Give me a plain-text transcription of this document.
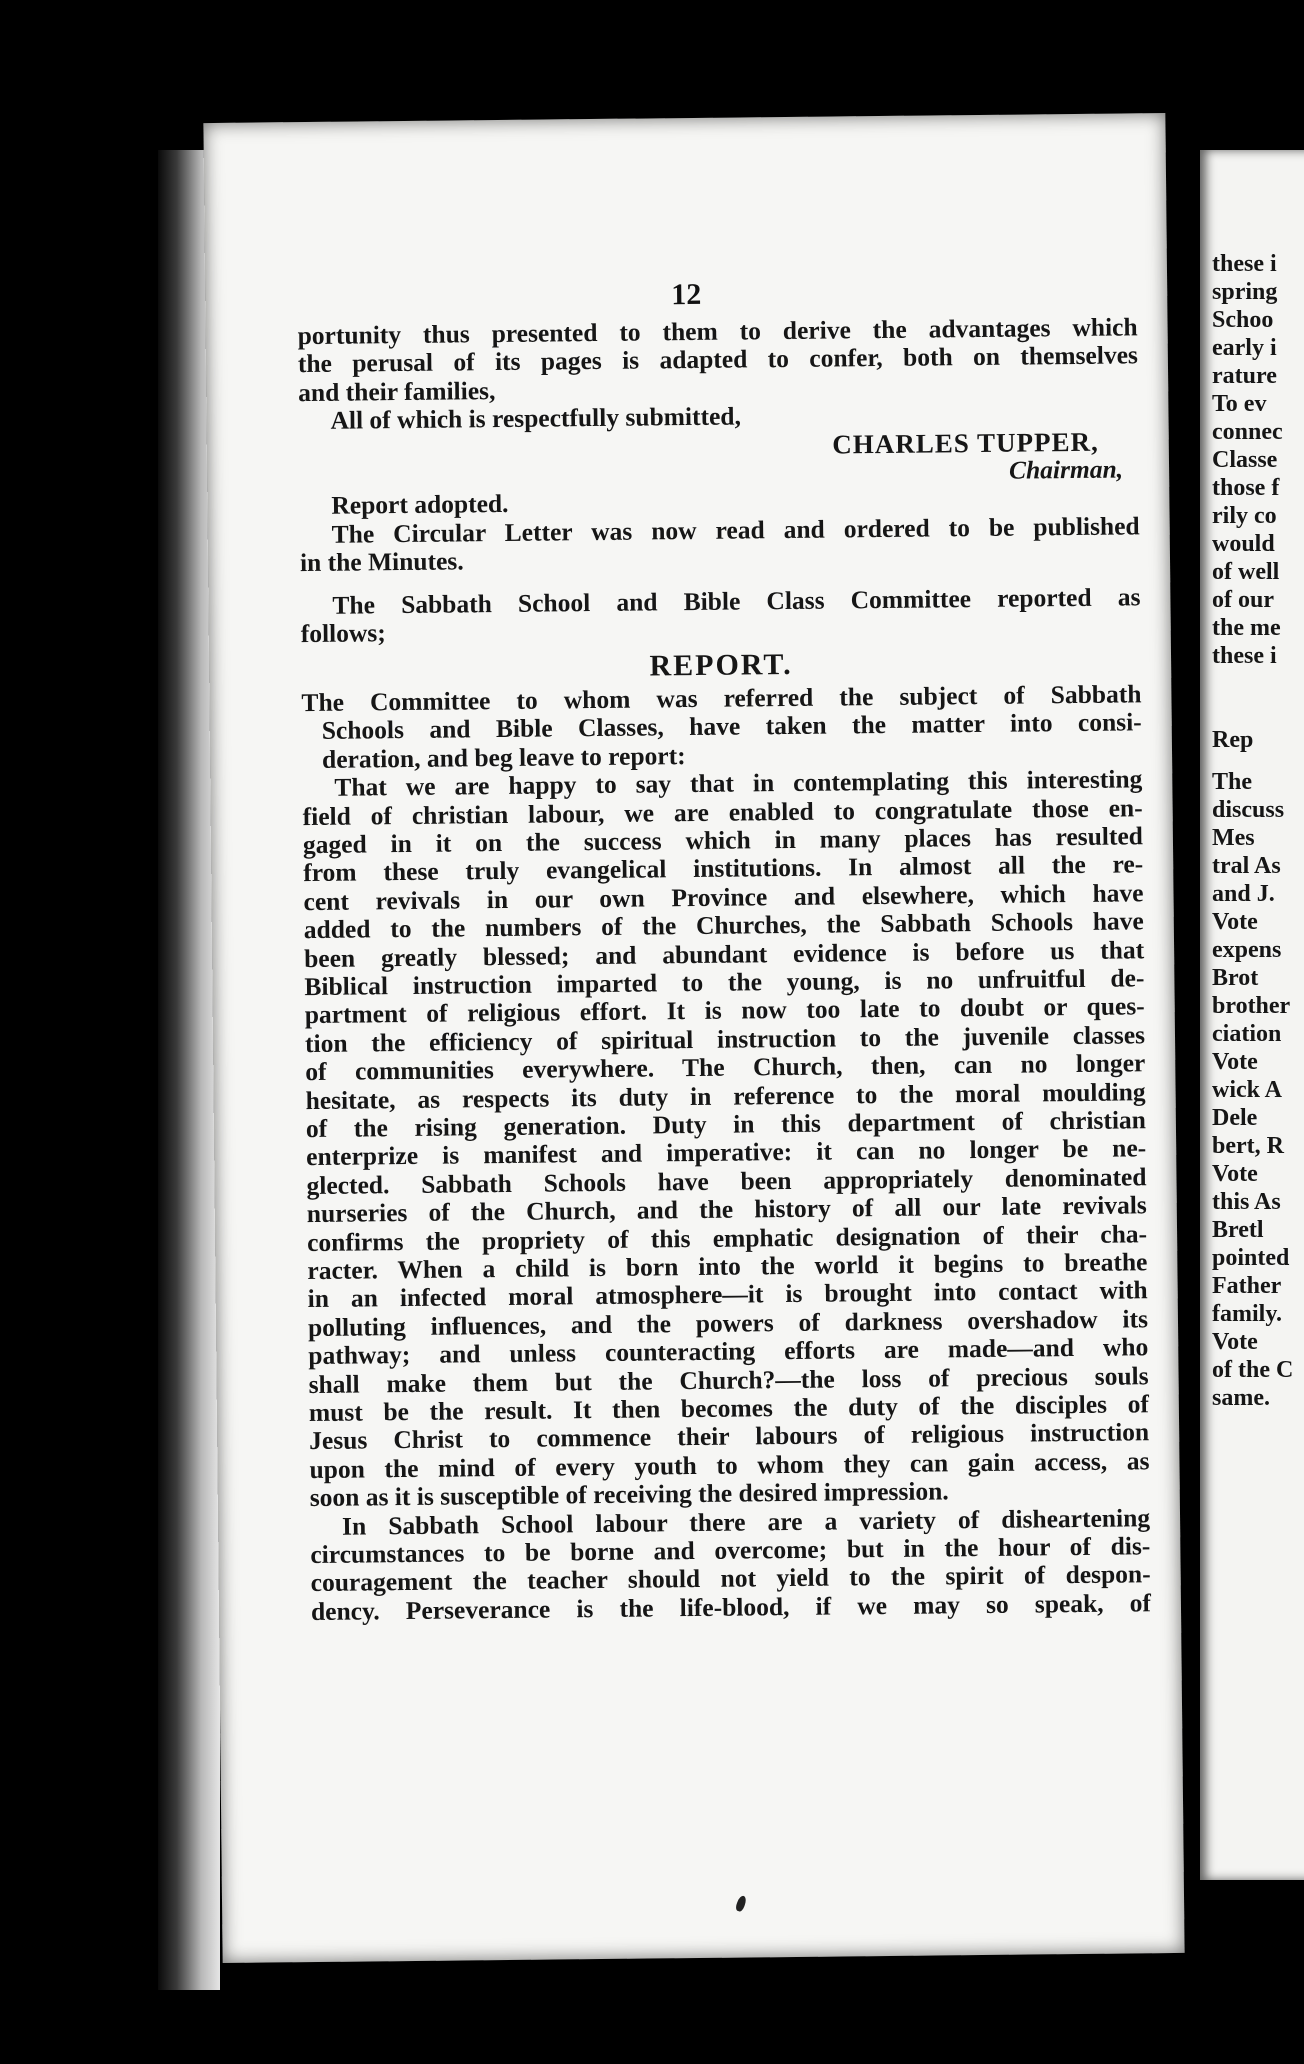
12
portunity thus presented to them to derive the advantages which
the perusal of its pages is adapted to confer, both on themselves
and their families,
All of which is respectfully submitted,
CHARLES TUPPER,
Chairman,
Report adopted.
The Circular Letter was now read and ordered to be published
in the Minutes.
The Sabbath School and Bible Class Committee reported as
follows;
REPORT.
The Committee to whom was referred the subject of Sabbath
Schools and Bible Classes, have taken the matter into consi-
deration, and beg leave to report:
That we are happy to say that in contemplating this interesting
field of christian labour, we are enabled to congratulate those en-
gaged in it on the success which in many places has resulted
from these truly evangelical institutions. In almost all the re-
cent revivals in our own Province and elsewhere, which have
added to the numbers of the Churches, the Sabbath Schools have
been greatly blessed; and abundant evidence is before us that
Biblical instruction imparted to the young, is no unfruitful de-
partment of religious effort. It is now too late to doubt or ques-
tion the efficiency of spiritual instruction to the juvenile classes
of communities everywhere. The Church, then, can no longer
hesitate, as respects its duty in reference to the moral moulding
of the rising generation. Duty in this department of christian
enterprize is manifest and imperative: it can no longer be ne-
glected. Sabbath Schools have been appropriately denominated
nurseries of the Church, and the history of all our late revivals
confirms the propriety of this emphatic designation of their cha-
racter. When a child is born into the world it begins to breathe
in an infected moral atmosphere—it is brought into contact with
polluting influences, and the powers of darkness overshadow its
pathway; and unless counteracting efforts are made—and who
shall make them but the Church?—the loss of precious souls
must be the result. It then becomes the duty of the disciples of
Jesus Christ to commence their labours of religious instruction
upon the mind of every youth to whom they can gain access, as
soon as it is susceptible of receiving the desired impression.
In Sabbath School labour there are a variety of disheartening
circumstances to be borne and overcome; but in the hour of dis-
couragement the teacher should not yield to the spirit of despon-
dency. Perseverance is the life-blood, if we may so speak, of
these i
spring
Schoo
early i
rature
To ev
connec
Classe
those f
rily co
would
of well
of our
the me
these i
Rep
The
discuss
Mes
tral As
and J.
Vote
expens
Brot
brother
ciation
Vote
wick A
Dele
bert, R
Vote
this As
Bretl
pointed
Father
family.
Vote
of the C
same.
